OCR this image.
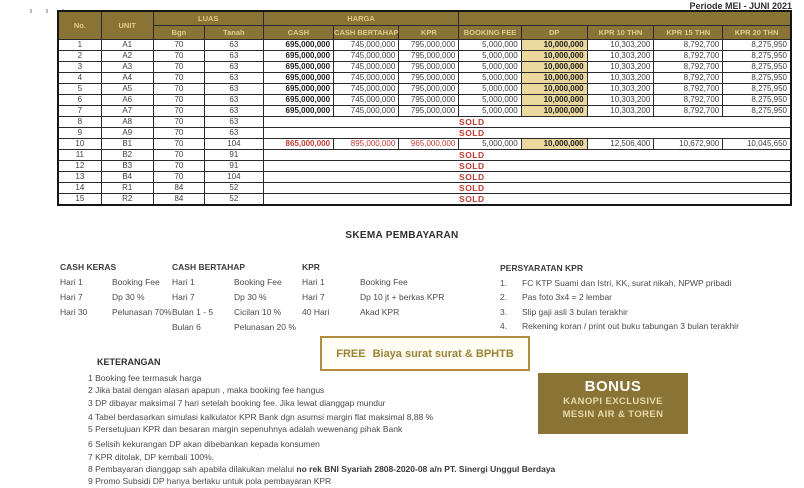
Periode MEI - JUNI 2021
No.	UNIT	LUAS		HARGA							
		Bgn	Tanah	CASH	CASH BERTAHAP	KPR	BOOKING FEE	DP	KPR 10 THN	KPR 15 THN	KPR 20 THN
1	A1	70	63	695,000,000	745,000,000	795,000,000	5,000,000	10,000,000	10,303,200	8,792,700	8,275,950
2	A2	70	63	695,000,000	745,000,000	795,000,000	5,000,000	10,000,000	10,303,200	8,792,700	8,275,950
3	A3	70	63	695,000,000	745,000,000	795,000,000	5,000,000	10,000,000	10,303,200	8,792,700	8,275,950
4	A4	70	63	695,000,000	745,000,000	795,000,000	5,000,000	10,000,000	10,303,200	8,792,700	8,275,950
5	A5	70	63	695,000,000	745,000,000	795,000,000	5,000,000	10,000,000	10,303,200	8,792,700	8,275,950
6	A6	70	63	695,000,000	745,000,000	795,000,000	5,000,000	10,000,000	10,303,200	8,792,700	8,275,950
7	A7	70	63	695,000,000	745,000,000	795,000,000	5,000,000	10,000,000	10,303,200	8,792,700	8,275,950
8	A8	70	63	SOLD							
9	A9	70	63	SOLD							
10	B1	70	104	865,000,000	895,000,000	965,000,000	5,000,000	10,000,000	12,506,400	10,672,900	10,045,650
11	B2	70	91	SOLD							
12	B3	70	91	SOLD							
13	B4	70	104	SOLD							
14	R1	84	52	SOLD							
15	R2	84	52	SOLD							
SKEMA PEMBAYARAN
CASH KERAS
Hari 1	Booking Fee
Hari 7	Dp 30 %
Hari 30	Pelunasan 70%
CASH BERTAHAP
Hari 1	Booking Fee
Hari 7	Dp 30 %
Bulan 1 - 5	Cicilan 10 %
Bulan 6	Pelunasan 20 %
KPR
Hari 1	Booking Fee
Hari 7	Dp 10 jt + berkas KPR
40 Hari	Akad KPR
PERSYARATAN KPR
1.	FC KTP Suami dan Istri, KK, surat nikah, NPWP pribadi
2.	Pas foto 3x4 = 2 lembar
3.	Slip gaji asli 3 bulan terakhir
4.	Rekening koran / print out buku tabungan 3 bulan terakhir
FREE Biaya surat surat & BPHTB
BONUS
KANOPI EXCLUSIVE
MESIN AIR & TOREN
KETERANGAN
1 Booking fee termasuk harga
2 Jika batal dengan alasan apapun , maka booking fee hangus
3 DP dibayar maksimal 7 hari setelah booking fee. Jika lewat dianggap mundur
4 Tabel berdasarkan simulasi kalkulator KPR Bank dgn asumsi margin flat maksimal 8,88 %
5 Persetujuan KPR dan besaran margin sepenuhnya adalah wewenang pihak Bank
6 Selisih kekurangan DP akan dibebankan kepada konsumen
7 KPR ditolak, DP kembali 100%.
8 Pembayaran dianggap sah apabila dilakukan melalui no rek BNI Syariah 2808-2020-08 a/n PT. Sinergi Unggul Berdaya
9 Promo Subsidi DP hanya berlaku untuk pola pembayaran KPR
